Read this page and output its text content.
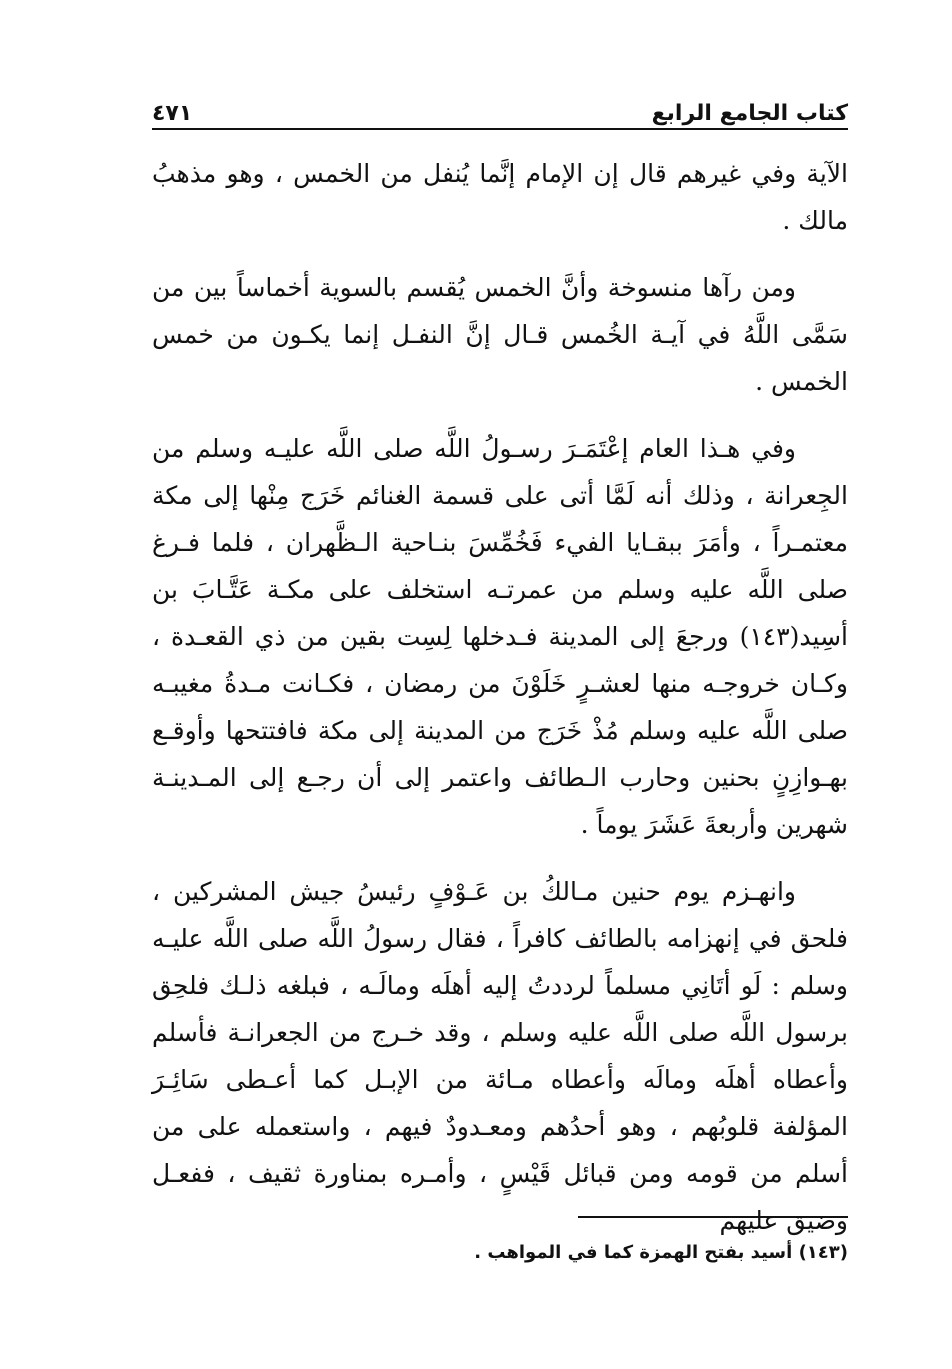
كتاب الجامع الرابع
٤٧١

الآية وفي غيرهم قال إن الإمام إنَّما يُنفل من الخمس ، وهو مذهبُ مالك .

ومن رآها منسوخة وأنَّ الخمس يُقسم بالسوية أخماساً بين من سَمَّى اللَّهُ في آيـة الخُمس قـال إنَّ النفـل إنما يكـون من خمس الخمس .

وفي هـذا العام إعْتَمَـرَ رسـولُ اللَّه صلى اللَّه عليـه وسلم من الجِعرانة ، وذلك أنه لَمَّا أتى على قسمة الغنائم خَرَج مِنْها إلى مكة معتمـراً ، وأمَرَ ببقـايا الفيء فَخُمِّسَ بنـاحية الـظَّهران ، فلما فـرغ صلى اللَّه عليه وسلم من عمرتـه استخلف على مكـة عَتَّـابَ بن أسِيد(١٤٣) ورجعَ إلى المدينة فـدخلها لِسِت بقين من ذي القعـدة ، وكـان خروجـه منها لعشـرٍ خَلَوْنَ من رمضان ، فكـانت مـدةُ مغيبـه صلى اللَّه عليه وسلم مُذْ خَرَج من المدينة إلى مكة فافتتحها وأوقـع بهـوازِنٍ بحنين وحارب الـطائف واعتمر إلى أن رجـع إلى المـدينـة شهرين وأربعةَ عَشَرَ يوماً .

وانهـزم يوم حنين مـالكُ بن عَـوْفٍ رئيسُ جيش المشركين ، فلحق في إنهزامه بالطائف كافراً ، فقال رسولُ اللَّه صلى اللَّه عليـه وسلم : لَو أتَانِي مسلماً لرددتُ إليه أهلَه ومالَـه ، فبلغه ذلـك فلحِق برسول اللَّه صلى اللَّه عليه وسلم ، وقد خـرج من الجعرانـة فأسلم وأعطاه أهلَه ومالَه وأعطاه مـائة من الإبـل كما أعـطى سَائِـرَ المؤلفة قلوبُهم ، وهو أحدُهم ومعـدودٌ فيهم ، واستعمله على من أسلم من قومه ومن قبائل قَيْسٍ ، وأمـره بمناورة ثقيف ، ففعـل وضيق عليهم

(١٤٣) أسيد بفتح الهمزة كما في المواهب .
